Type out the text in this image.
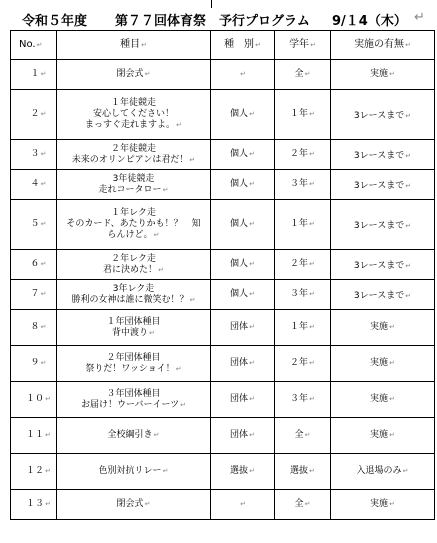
令和５年度 第７７回体育祭 予行プログラム 9/１4（木） ↵
No.↵	種目↵	種　別↵	学年↵	実施の有無↵
１↵	閉会式↵	↵	全↵	実施↵
２↵	１年徒競走
安心してください！
まっすぐ走れますよ。↵	個人↵	１年↵	3レースまで↵
３↵	２年徒競走
未来のオリンピアンは君だ！↵	個人↵	２年↵	3レースまで↵
４↵	3年徒競走
走れコータロー↵	個人↵	３年↵	3レースまで↵
５↵	１年レク走
そのカード、あたりかも！？　知
らんけど。↵	個人↵	１年↵	3レースまで↵
６↵	２年レク走
君に決めた！↵	個人↵	２年↵	3レースまで↵
７↵	3年レク走
勝利の女神は誰に微笑む！？↵	個人↵	３年↵	3レースまで↵
８↵	１年団体種目
背中渡り↵	団体↵	１年↵	実施↵
９↵	２年団体種目
祭りだ！ワッショイ！↵	団体↵	２年↵	実施↵
１０↵	３年団体種目
お届け！ウーバーイーツ↵	団体↵	３年↵	実施↵
１１↵	全校綱引き↵	団体↵	全↵	実施↵
１２↵	色別対抗リレー↵	選抜↵	選抜↵	入退場のみ↵
１３↵	閉会式↵	↵	全↵	実施↵
